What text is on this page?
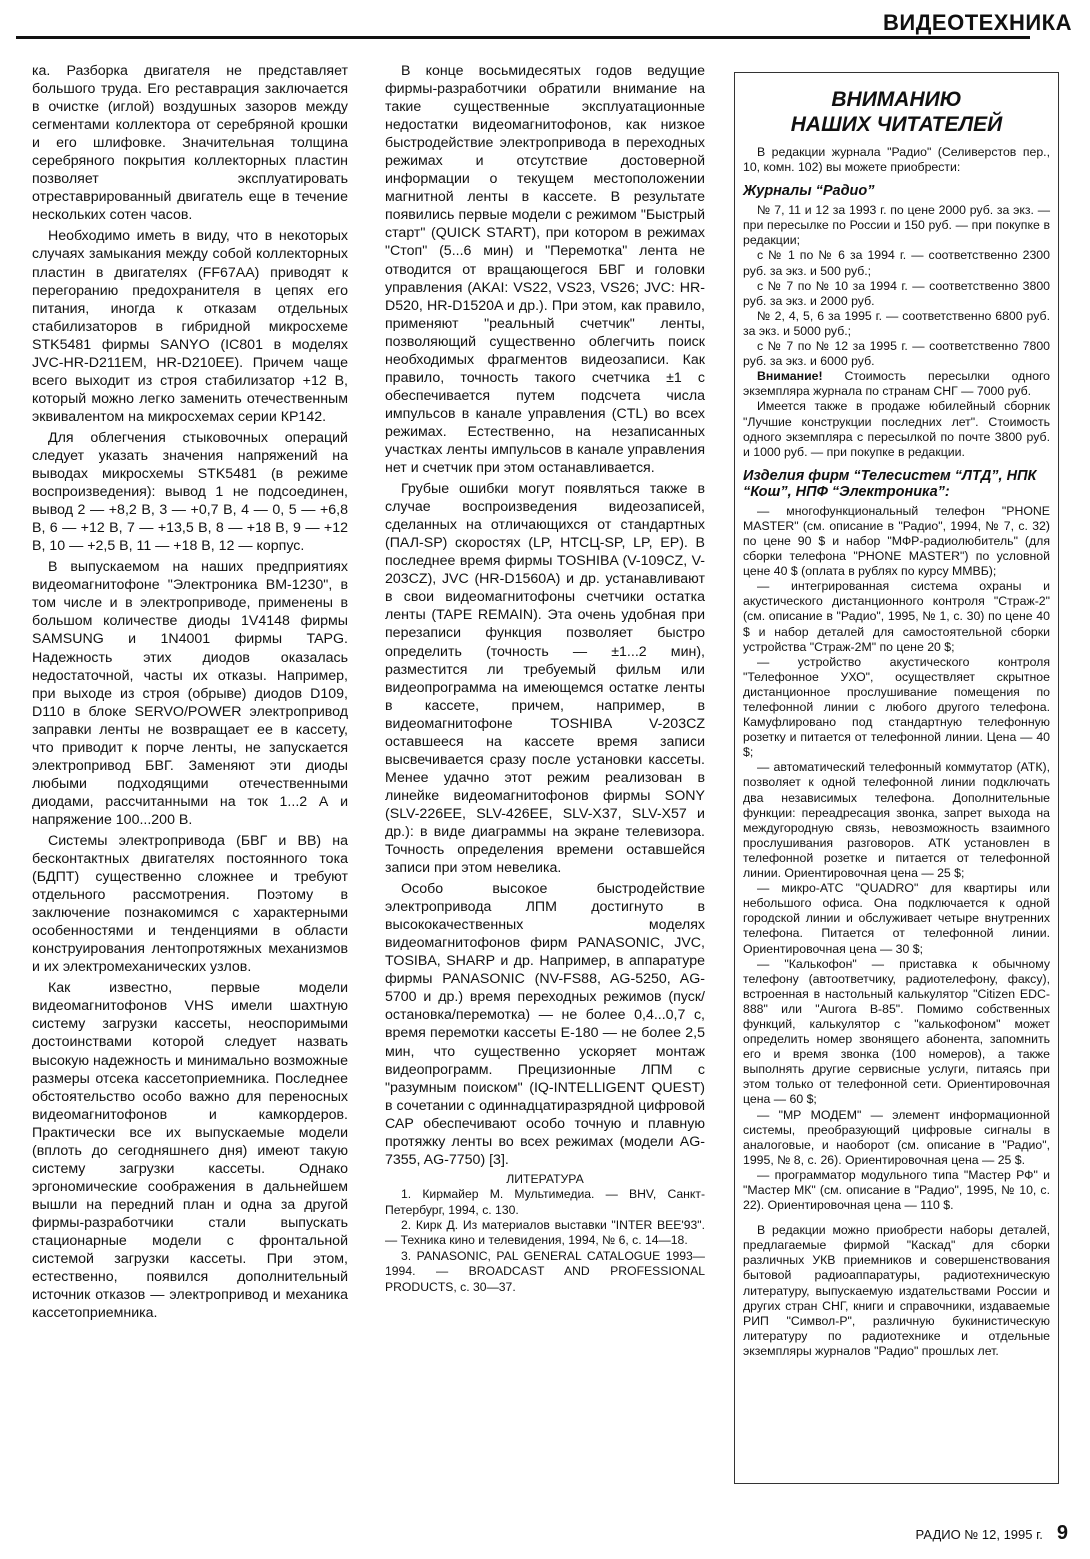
ВИДЕОТЕХНИКА

ка. Разборка двигателя не представляет большого труда. Его реставрация заключается в очистке (иглой) воздушных зазоров между сегментами коллектора от серебряной крошки и его шлифовке. Значительная толщина серебряного покрытия коллекторных пластин позволяет эксплуатировать отреставрированный двигатель еще в течение нескольких сотен часов.

Необходимо иметь в виду, что в некоторых случаях замыкания между собой коллекторных пластин в двигателях (FF67AA) приводят к перегоранию предохранителя в цепях его питания, иногда к отказам отдельных стабилизаторов в гибридной микросхеме STK5481 фирмы SANYO (IC801 в моделях JVC-HR-D211EM, HR-D210EE). Причем чаще всего выходит из строя стабилизатор +12 В, который можно легко заменить отечественным эквивалентом на микросхемах серии КР142.

Для облегчения стыковочных операций следует указать значения напряжений на выводах микросхемы STK5481 (в режиме воспроизведения): вывод 1 не подсоединен, вывод 2 — +8,2 В, 3 — +0,7 В, 4 — 0, 5 — +6,8 В, 6 — +12 В, 7 — +13,5 В, 8 — +18 В, 9 — +12 В, 10 — +2,5 В, 11 — +18 В, 12 — корпус.

В выпускаемом на наших предприятиях видеомагнитофоне "Электроника ВМ-1230", в том числе и в электроприводе, применены в большом количестве диоды 1V4148 фирмы SAMSUNG и 1N4001 фирмы TAPG. Надежность этих диодов оказалась недостаточной, часты их отказы. Например, при выходе из строя (обрыве) диодов D109, D110 в блоке SERVO/POWER электропривод заправки ленты не возвращает ее в кассету, что приводит к порче ленты, не запускается электропривод БВГ. Заменяют эти диоды любыми подходящими отечественными диодами, рассчитанными на ток 1...2 А и напряжение 100...200 В.

Системы электропривода (БВГ и ВВ) на бесконтактных двигателях постоянного тока (БДПТ) существенно сложнее и требуют отдельного рассмотрения. Поэтому в заключение познакомимся с характерными особенностями и тенденциями в области конструирования лентопротяжных механизмов и их электромеханических узлов.

Как известно, первые модели видеомагнитофонов VHS имели шахтную систему загрузки кассеты, неоспоримыми достоинствами которой следует назвать высокую надежность и минимально возможные размеры отсека кассетоприемника. Последнее обстоятельство особо важно для переносных видеомагнитофонов и камкордеров. Практически все их выпускаемые модели (вплоть до сегодняшнего дня) имеют такую систему загрузки кассеты. Однако эргономические соображения в дальнейшем вышли на передний план и одна за другой фирмы-разработчики стали выпускать стационарные модели с фронтальной системой загрузки кассеты. При этом, естественно, появился дополнительный источник отказов — электропривод и механика кассетоприемника.

В конце восьмидесятых годов ведущие фирмы-разработчики обратили внимание на такие существенные эксплуатационные недостатки видеомагнитофонов, как низкое быстродействие электропривода в переходных режимах и отсутствие достоверной информации о текущем местоположении магнитной ленты в кассете. В результате появились первые модели с режимом "Быстрый старт" (QUICK START), при котором в режимах "Стоп" (5...6 мин) и "Перемотка" лента не отводится от вращающегося БВГ и головки управления (AKAI: VS22, VS23, VS26; JVC: HR-D520, HR-D1520A и др.). При этом, как правило, применяют "реальный счетчик" ленты, позволяющий существенно облегчить поиск необходимых фрагментов видеозаписи. Как правило, точность такого счетчика ±1 с обеспечивается путем подсчета числа импульсов в канале управления (CTL) во всех режимах. Естественно, на незаписанных участках ленты импульсов в канале управления нет и счетчик при этом останавливается.

Грубые ошибки могут появляться также в случае воспроизведения видеозаписей, сделанных на отличающихся от стандартных (ПАЛ-SP) скоростях (LP, НТСЦ-SP, LP, EP). В последнее время фирмы TOSHIBA (V-109CZ, V-203CZ), JVC (HR-D1560A) и др. устанавливают в свои видеомагнитофоны счетчики остатка ленты (TAPE REMAIN). Эта очень удобная при перезаписи функция позволяет быстро определить (точность — ±1...2 мин), разместится ли требуемый фильм или видеопрограмма на имеющемся остатке ленты в кассете, причем, например, в видеомагнитофоне TOSHIBA V-203CZ оставшееся на кассете время записи высвечивается сразу после установки кассеты. Менее удачно этот режим реализован в линейке видеомагнитофонов фирмы SONY (SLV-226EE, SLV-426EE, SLV-X37, SLV-X57 и др.): в виде диаграммы на экране телевизора. Точность определения времени оставшейся записи при этом невелика.

Особо высокое быстродействие электропривода ЛПМ достигнуто в высококачественных моделях видеомагнитофонов фирм PANASONIC, JVC, TOSIBA, SHARP и др. Например, в аппаратуре фирмы PANASONIC (NV-FS88, AG-5250, AG-5700 и др.) время переходных режимов (пуск/остановка/перемотка) — не более 0,4...0,7 с, время перемотки кассеты Е-180 — не более 2,5 мин, что существенно ускоряет монтаж видеопрограмм. Прецизионные ЛПМ с "разумным поиском" (IQ-INTELLIGENT QUEST) в сочетании с одиннадцатиразрядной цифровой САР обеспечивают особо точную и плавную протяжку ленты во всех режимах (модели AG-7355, AG-7750) [3].

ЛИТЕРАТУРА

1. Кирмайер М. Мультимедиа. — BHV, Санкт-Петербург, 1994, с. 130.

2. Кирк Д. Из материалов выставки "INTER BEE'93". — Техника кино и телевидения, 1994, № 6, с. 14—18.

3. PANASONIC, PAL GENERAL CATALOGUE 1993—1994. — BROADCAST AND PROFESSIONAL PRODUCTS, с. 30—37.

ВНИМАНИЮ
НАШИХ ЧИТАТЕЛЕЙ

В редакции журнала "Радио" (Селиверстов пер., 10, комн. 102) вы можете приобрести:

Журналы “Радио”

№ 7, 11 и 12 за 1993 г. по цене 2000 руб. за экз. — при пересылке по России и 150 руб. — при покупке в редакции;

с № 1 по № 6 за 1994 г. — соответственно 2300 руб. за экз. и 500 руб.;

с № 7 по № 10 за 1994 г. — соответственно 3800 руб. за экз. и 2000 руб.

№ 2, 4, 5, 6 за 1995 г. — соответственно 6800 руб. за экз. и 5000 руб.;

с № 7 по № 12 за 1995 г. — соответственно 7800 руб. за экз. и 6000 руб.

Внимание! Стоимость пересылки одного экземпляра журнала по странам СНГ — 7000 руб.

Имеется также в продаже юбилейный сборник "Лучшие конструкции последних лет". Стоимость одного экземпляра с пересылкой по почте 3800 руб. и 1000 руб. — при покупке в редакции.

Изделия фирм “Телесистем “ЛТД”, НПК “Кош”, НПФ “Электроника”:

— многофункциональный телефон "PHONE MASTER" (см. описание в "Радио", 1994, № 7, с. 32) по цене 90 $ и набор "МФР-радиолюбитель" (для сборки телефона "PHONE MASTER") по условной цене 40 $ (оплата в рублях по курсу ММВБ);

— интегрированная система охраны и акустического дистанционного контроля "Страж-2" (см. описание в "Радио", 1995, № 1, с. 30) по цене 40 $ и набор деталей для самостоятельной сборки устройства "Страж-2М" по цене 20 $;

— устройство акустического контроля "Телефонное УХО", осуществляет скрытное дистанционное прослушивание помещения по телефонной линии с любого другого телефона. Камуфлировано под стандартную телефонную розетку и питается от телефонной линии. Цена — 40 $;

— автоматический телефонный коммутатор (АТК), позволяет к одной телефонной линии подключать два независимых телефона. Дополнительные функции: переадресация звонка, запрет выхода на междугородную связь, невозможность взаимного прослушивания разговоров. АТК установлен в телефонной розетке и питается от телефонной линии. Ориентировочная цена — 25 $;

— микро-АТС "QUADRO" для квартиры или небольшого офиса. Она подключается к одной городской линии и обслуживает четыре внутренних телефона. Питается от телефонной линии. Ориентировочная цена — 30 $;

— "Калькофон" — приставка к обычному телефону (автоответчику, радиотелефону, факсу), встроенная в настольный калькулятор "Citizen EDC-888" или "Aurora B-85". Помимо собственных функций, калькулятор с "калькофоном" может определить номер звонящего абонента, запомнить его и время звонка (100 номеров), а также выполнять другие сервисные услуги, питаясь при этом только от телефонной сети. Ориентировочная цена — 60 $;

— "МР МОДЕМ" — элемент информационной системы, преобразующий цифровые сигналы в аналоговые, и наоборот (см. описание в "Радио", 1995, № 8, с. 26). Ориентировочная цена — 25 $.

— программатор модульного типа "Мастер РФ" и "Мастер МК" (см. описание в "Радио", 1995, № 10, с. 22). Ориентировочная цена — 110 $.

В редакции можно приобрести наборы деталей, предлагаемые фирмой "Каскад" для сборки различных УКВ приемников и совершенствования бытовой радиоаппаратуры, радиотехническую литературу, выпускаемую издательствами России и других стран СНГ, книги и справочники, издаваемые РИП "Символ-Р", различную букинистическую литературу по радиотехнике и отдельные экземпляры журналов "Радио" прошлых лет.

РАДИО № 12, 1995 г. 9
